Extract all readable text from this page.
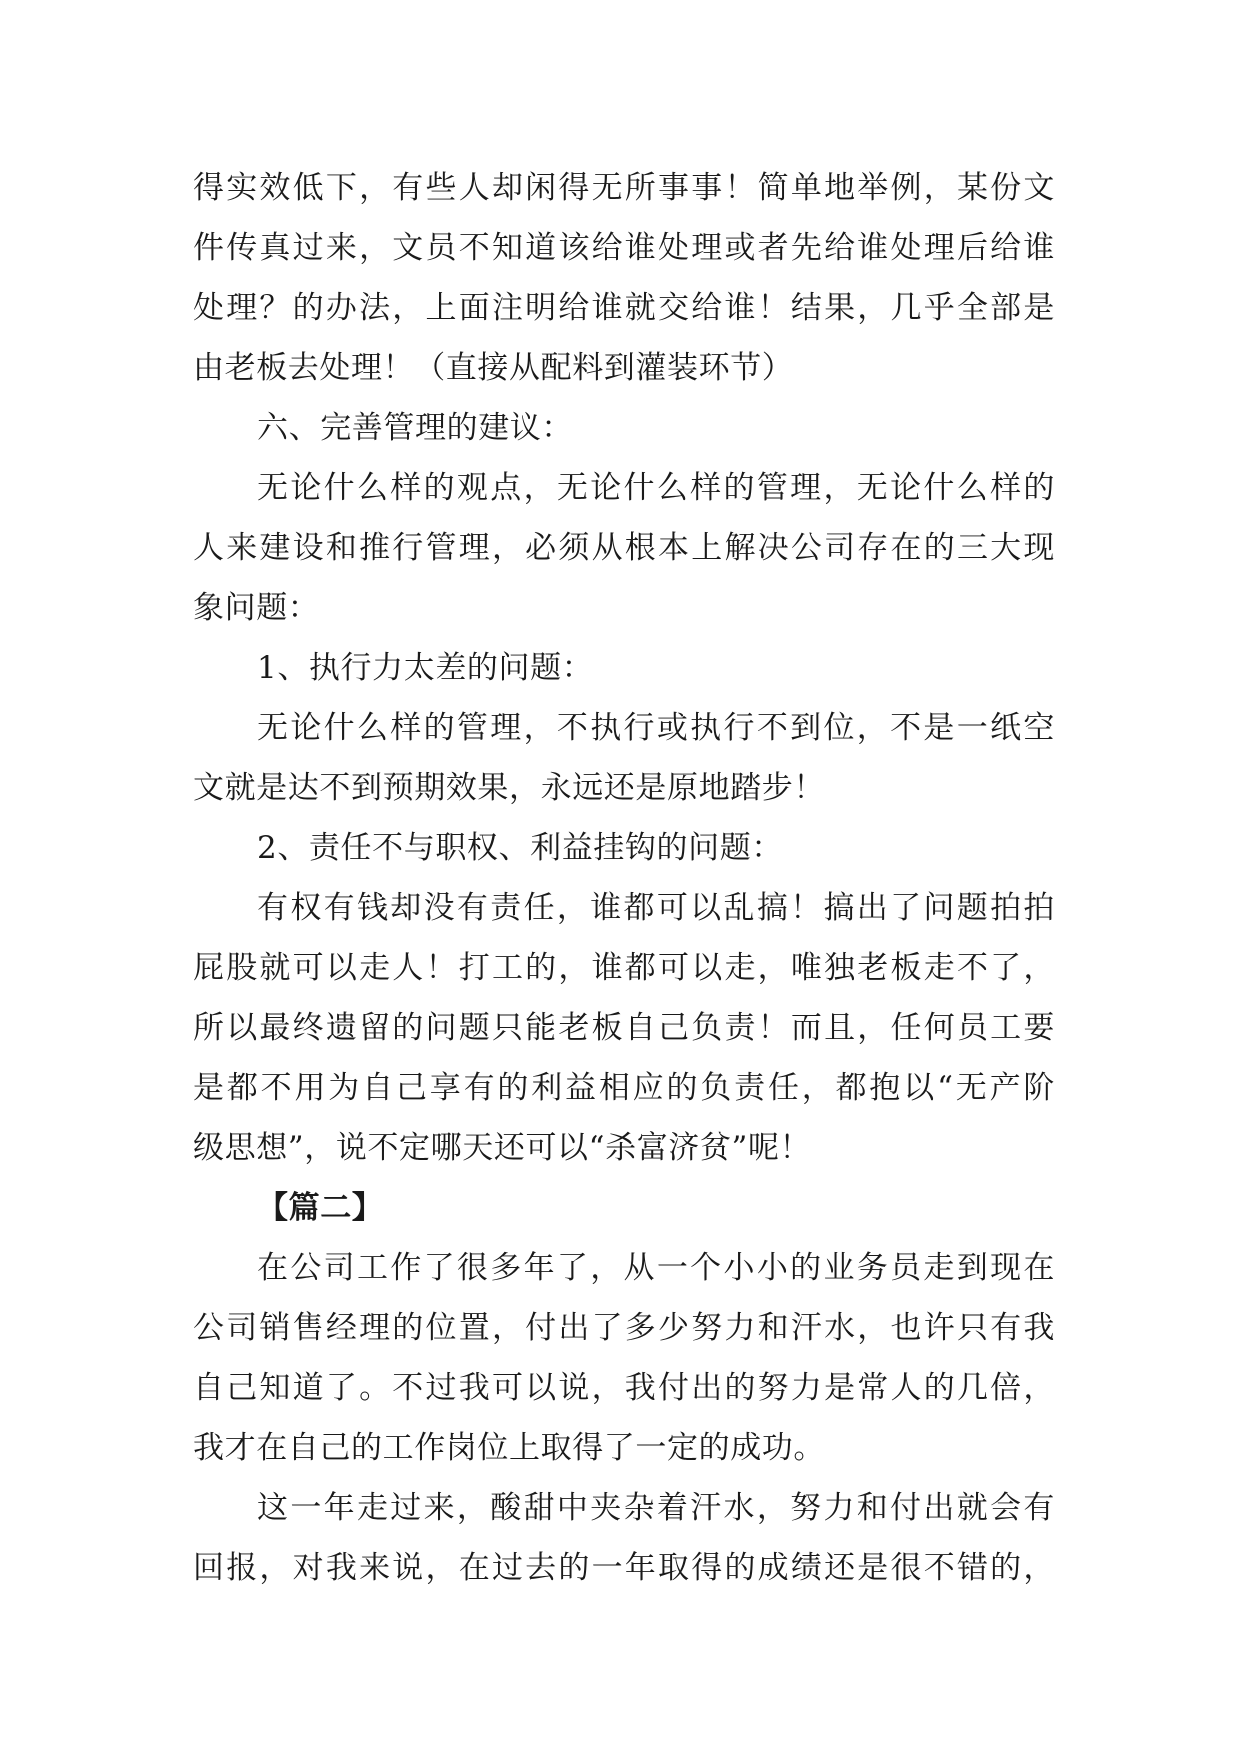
得实效低下，有些人却闲得无所事事！简单地举例，某份文
件传真过来，文员不知道该给谁处理或者先给谁处理后给谁
处理？的办法，上面注明给谁就交给谁！结果，几乎全部是
由老板去处理！（直接从配料到灌装环节）
六、完善管理的建议：
无论什么样的观点，无论什么样的管理，无论什么样的
人来建设和推行管理，必须从根本上解决公司存在的三大现
象问题：
1、执行力太差的问题：
无论什么样的管理，不执行或执行不到位，不是一纸空
文就是达不到预期效果，永远还是原地踏步！
2、责任不与职权、利益挂钩的问题：
有权有钱却没有责任，谁都可以乱搞！搞出了问题拍拍
屁股就可以走人！打工的，谁都可以走，唯独老板走不了，
所以最终遗留的问题只能老板自己负责！而且，任何员工要
是都不用为自己享有的利益相应的负责任，都抱以“无产阶
级思想”，说不定哪天还可以“杀富济贫”呢！
【篇二】
在公司工作了很多年了，从一个小小的业务员走到现在
公司销售经理的位置，付出了多少努力和汗水，也许只有我
自己知道了。不过我可以说，我付出的努力是常人的几倍，
我才在自己的工作岗位上取得了一定的成功。
这一年走过来，酸甜中夹杂着汗水，努力和付出就会有
回报，对我来说，在过去的一年取得的成绩还是很不错的，
